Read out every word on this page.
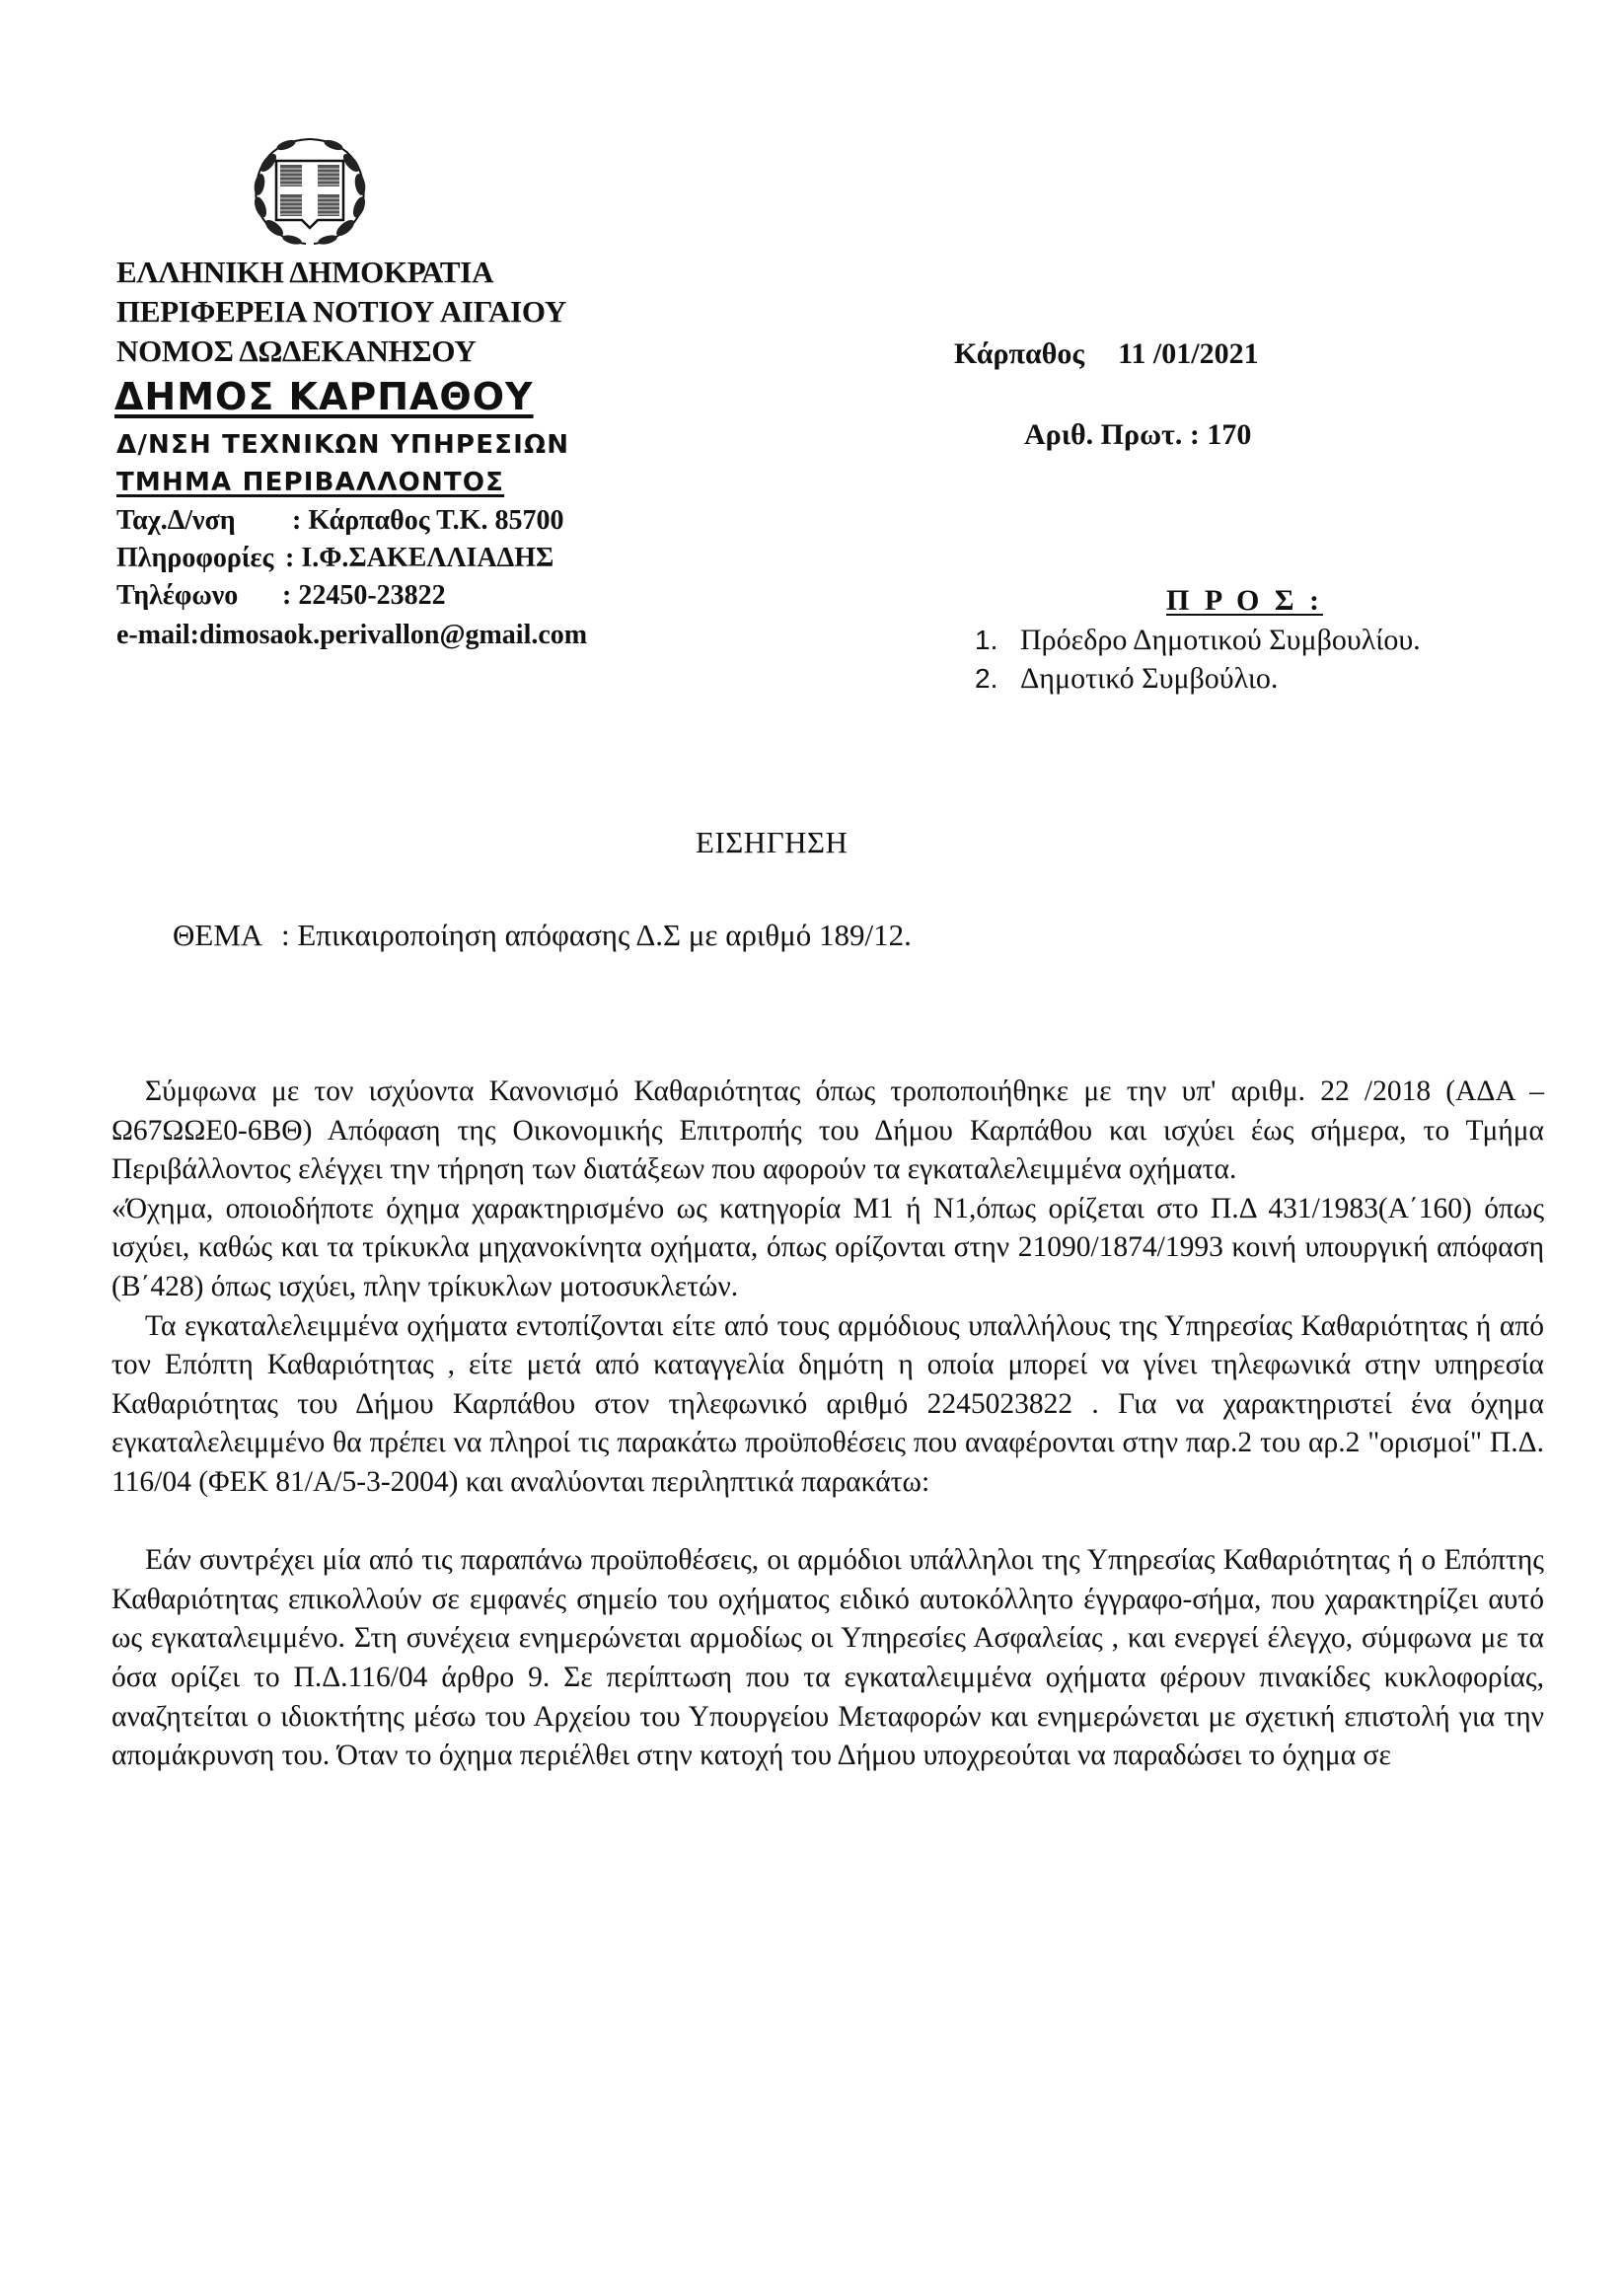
ΕΛΛΗΝΙΚΗ ΔΗΜΟΚΡΑΤΙΑ
ΠΕΡΙΦΕΡΕΙΑ ΝΟΤΙΟΥ ΑΙΓΑΙΟΥ
ΝΟΜΟΣ ΔΩΔΕΚΑΝΗΣΟΥ
ΔΗΜΟΣ ΚΑΡΠΑΘΟΥ
Δ/ΝΣΗ ΤΕΧΝΙΚΩΝ ΥΠΗΡΕΣΙΩΝ
ΤΜΗΜΑ ΠΕΡΙΒΑΛΛΟΝΤΟΣ
Ταχ.Δ/νση : Κάρπαθος Τ.Κ. 85700
Πληροφορίες : Ι.Φ.ΣΑΚΕΛΛΙΑΔΗΣ
Τηλέφωνο : 22450-23822
e-mail:dimosaok.perivallon@gmail.com
Κάρπαθος 11 /01/2021
Αριθ. Πρωτ. : 170
Π Ρ Ο Σ :
1. Πρόεδρο Δημοτικού Συμβουλίου.
2. Δημοτικό Συμβούλιο.
ΕΙΣΗΓΗΣΗ
ΘΕΜΑ : Επικαιροποίηση απόφασης Δ.Σ με αριθμό 189/12.

Σύμφωνα με τον ισχύοντα Κανονισμό Καθαριότητας όπως τροποποιήθηκε με την υπ' αριθμ. 22 /2018 (ΑΔΑ –Ω67ΩΩΕ0-6ΒΘ) Απόφαση της Οικονομικής Επιτροπής του Δήμου Καρπάθου και ισχύει έως σήμερα, το Τμήμα Περιβάλλοντος ελέγχει την τήρηση των διατάξεων που αφορούν τα εγκαταλελειμμένα οχήματα.

«Όχημα, οποιοδήποτε όχημα χαρακτηρισμένο ως κατηγορία Μ1 ή Ν1,όπως ορίζεται στο Π.Δ 431/1983(Α΄160) όπως ισχύει, καθώς και τα τρίκυκλα μηχανοκίνητα οχήματα, όπως ορίζονται στην 21090/1874/1993 κοινή υπουργική απόφαση (Β΄428) όπως ισχύει, πλην τρίκυκλων μοτοσυκλετών.

Τα εγκαταλελειμμένα οχήματα εντοπίζονται είτε από τους αρμόδιους υπαλλήλους της Υπηρεσίας Καθαριότητας ή από τον Επόπτη Καθαριότητας , είτε μετά από καταγγελία δημότη η οποία μπορεί να γίνει τηλεφωνικά στην υπηρεσία Καθαριότητας του Δήμου Καρπάθου στον τηλεφωνικό αριθμό 2245023822 . Για να χαρακτηριστεί ένα όχημα εγκαταλελειμμένο θα πρέπει να πληροί τις παρακάτω προϋποθέσεις που αναφέρονται στην παρ.2 του αρ.2 "ορισμοί" Π.Δ. 116/04 (ΦΕΚ 81/Α/5-3-2004) και αναλύονται περιληπτικά παρακάτω:

Εάν συντρέχει μία από τις παραπάνω προϋποθέσεις, οι αρμόδιοι υπάλληλοι της Υπηρεσίας Καθαριότητας ή ο Επόπτης Καθαριότητας επικολλούν σε εμφανές σημείο του οχήματος ειδικό αυτοκόλλητο έγγραφο-σήμα, που χαρακτηρίζει αυτό ως εγκαταλειμμένο. Στη συνέχεια ενημερώνεται αρμοδίως οι Υπηρεσίες Ασφαλείας , και ενεργεί έλεγχο, σύμφωνα με τα όσα ορίζει το Π.Δ.116/04 άρθρο 9. Σε περίπτωση που τα εγκαταλειμμένα οχήματα φέρουν πινακίδες κυκλοφορίας, αναζητείται ο ιδιοκτήτης μέσω του Αρχείου του Υπουργείου Μεταφορών και ενημερώνεται με σχετική επιστολή για την απομάκρυνση του. Όταν το όχημα περιέλθει στην κατοχή του Δήμου υποχρεούται να παραδώσει το όχημα σε
